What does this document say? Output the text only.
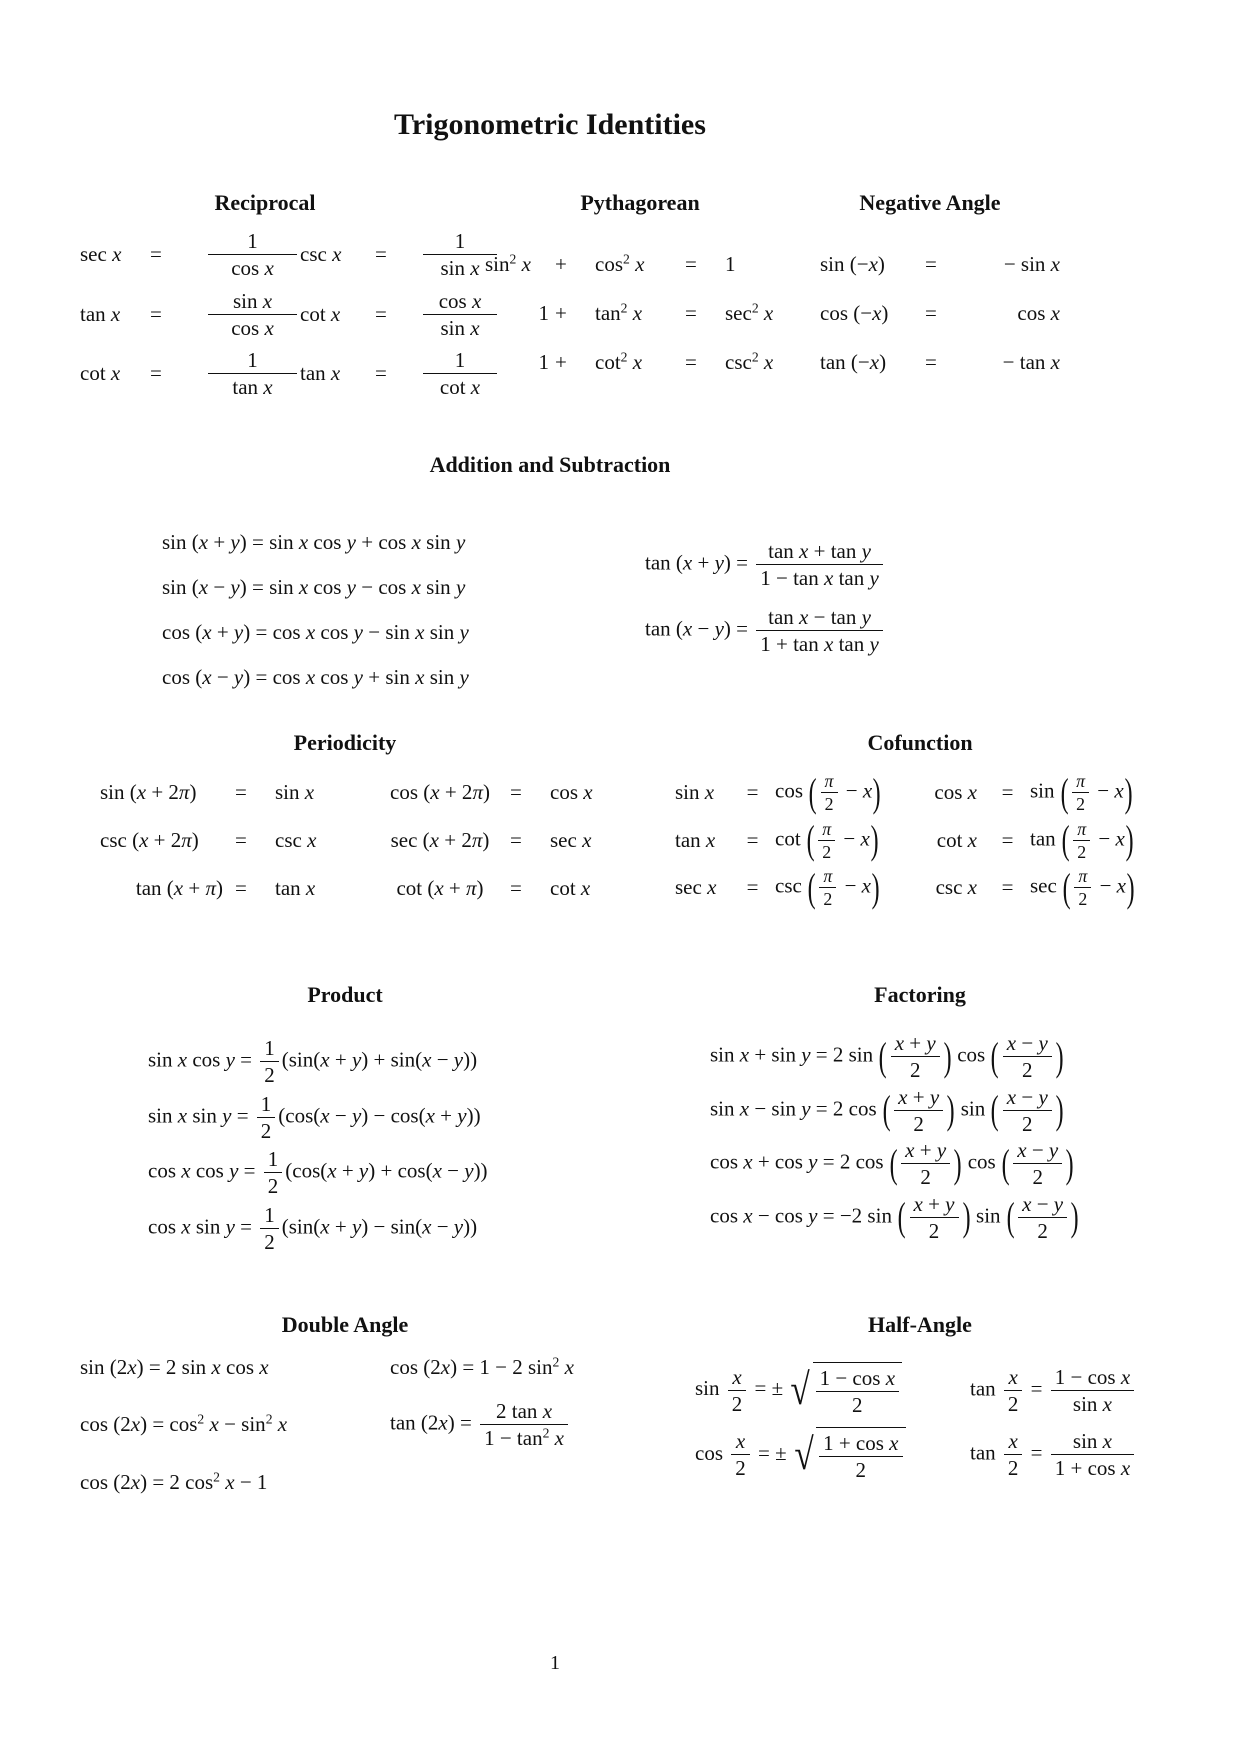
Trigonometric Identities
Reciprocal
sec x	=	$\frac{1}{\text{cos x}}$ csc x	=	$\frac{1}{\text{sin x}}$
tan x	=	$\frac{\text{sin x}}{\text{cos x}}$ cot x	=	$\frac{\text{cos x}}{\text{sin x}}$
cot x	=	$\frac{1}{\text{tan x}}$ tan x	=	$\frac{1}{\text{cot x}}$
Pythagorean
$\sin^2 x$	+	$\cos^2 x$	=	1
1 +	$\tan^2 x$	=	$\sec^2 x$
1 +	$\cot^2 x$	=	$\csc^2 x$
Negative Angle
sin (−x)	=	− sin x
cos (−x)	=	cos x
tan (−x)	=	− tan x
Addition and Subtraction
sin (x + y) = sin x cos y + cos x sin y
sin (x − y) = sin x cos y − cos x sin y
cos (x + y) = cos x cos y − sin x sin y
cos (x − y) = cos x cos y + sin x sin y
$\tan (x + y) = \frac{\text{tan x + tan y}}{\text{1 − tan x tan y}}$
$\tan (x - y) = \frac{\text{tan x − tan y}}{\text{1 + tan x tan y}}$
Periodicity
sin (x + 2π)	=	sin x	cos (x + 2π) =	cos x
csc (x + 2π)	=	csc x	sec (x + 2π) =	sec x
tan (x + π) =	tan x	cot (x + π)	=	cot x
Cofunction
sin x	= cos ( $\frac{\pi}{2} - x$)	cos x	= sin ( $\frac{\pi}{2} - x$)
tan x	= cot ( $\frac{\pi}{2} - x$)	cot x	= tan ( $\frac{\pi}{2} - x$)
sec x	= csc ( $\frac{\pi}{2} - x$)	csc x	= sec ( $\frac{\pi}{2} - x$)
Product
sin x $\cos y = \frac{1}{2} (\sin(x + y) + \sin(x - y))$
sin x $\sin y = \frac{1}{2} (\cos(x - y) - \cos(x + y))$
cos x $\cos y = \frac{1}{2} (\cos(x + y) + \cos(x - y))$
cos x $\sin y = \frac{1}{2} (\sin(x + y) - \sin(x - y))$
Factoring
sin x + sin y = 2 sin ( $\frac{x + y}{2}$ ) cos ( $\frac{x - y}{2}$ )
sin x − sin y = 2 cos ( $\frac{x + y}{2}$ ) sin ( $\frac{x - y}{2}$ )
cos x + cos y = 2 cos ( $\frac{x + y}{2}$ ) cos ( $\frac{x - y}{2}$ )
cos x − cos y = −2 sin ( $\frac{x + y}{2}$ ) sin ( $\frac{x - y}{2}$ )
Double Angle
sin (2x) = 2 sin x cos x	cos (2x) = 1 − 2 $\sin^2 x$
$\cos (2x) = \cos^2 x - \sin^2 x$	$\tan (2x) = \frac{\text{2 tan x}}{1 - \tan^2 x}$
cos (2x) = 2 $\cos^2 x - 1$
Half-Angle
$\sin \frac{x}{2}$ = ± √ $\frac{\text{1 − cos x}}{2}$	$\tan \frac{x}{2} = \frac{\text{1 − cos x}}{\text{sin x}}$
$\cos \frac{x}{2}$ = ± √ $\frac{\text{1 + cos x}}{2}$	$\tan \frac{x}{2} = \frac{\text{sin x}}{\text{1 + cos x}}$
1
